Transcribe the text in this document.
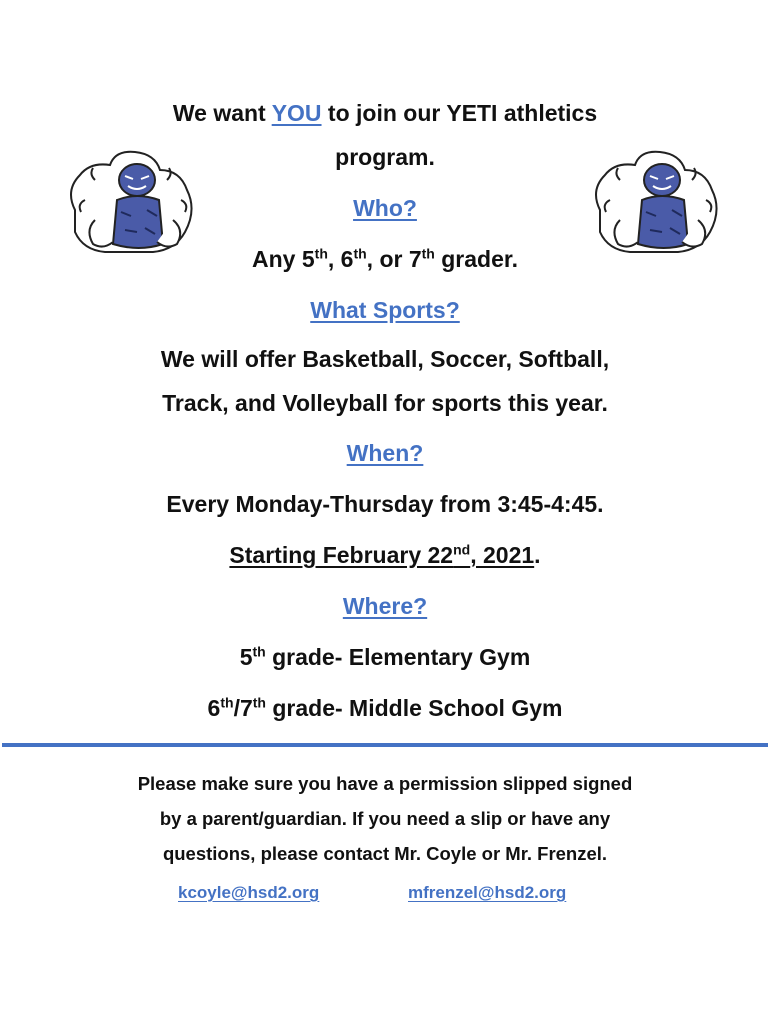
We want YOU to join our YETI athletics
program.
Who?
Any 5th, 6th, or 7th grader.
What Sports?
We will offer Basketball, Soccer, Softball,
Track, and Volleyball for sports this year.
When?
Every Monday-Thursday from 3:45-4:45.
Starting February 22nd, 2021.
Where?
5th grade- Elementary Gym
6th/7th grade- Middle School Gym
Please make sure you have a permission slipped signed
by a parent/guardian. If you need a slip or have any
questions, please contact Mr. Coyle or Mr. Frenzel.
kcoyle@hsd2.org	mfrenzel@hsd2.org
